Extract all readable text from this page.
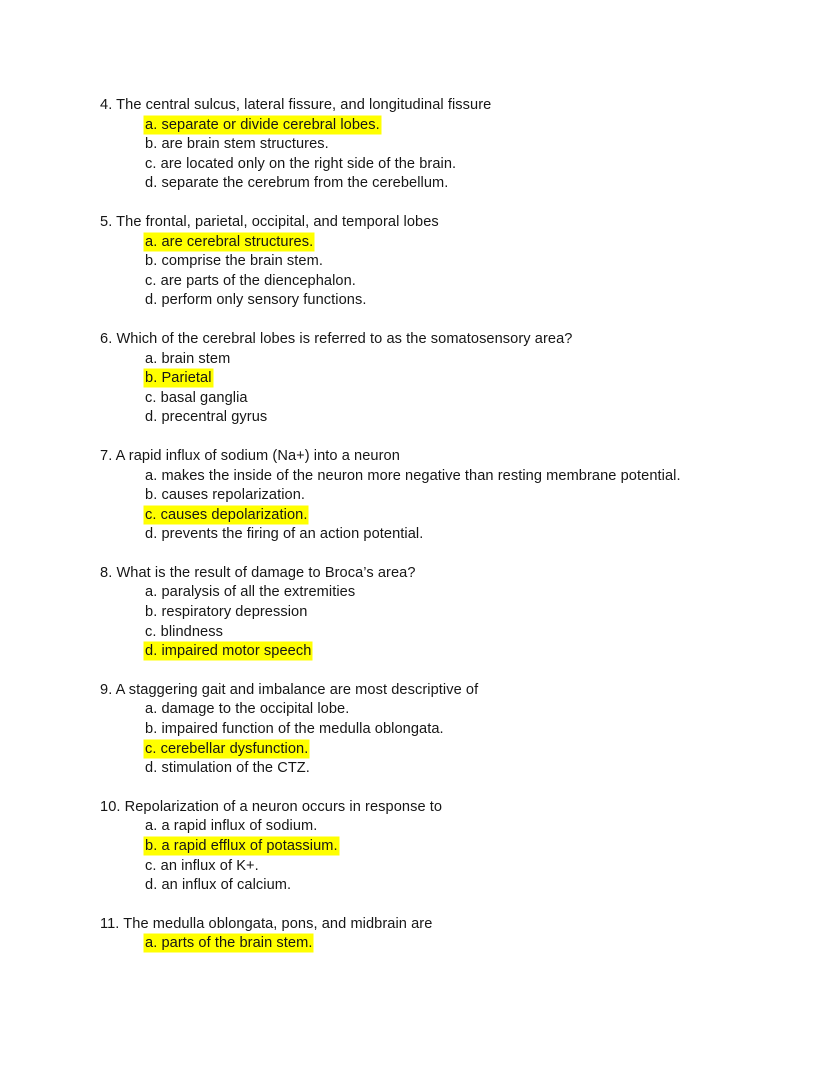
4. The central sulcus, lateral fissure, and longitudinal fissure

a. separate or divide cerebral lobes.
b. are brain stem structures.
c. are located only on the right side of the brain.
d. separate the cerebrum from the cerebellum.

5. The frontal, parietal, occipital, and temporal lobes

a. are cerebral structures.
b. comprise the brain stem.
c. are parts of the diencephalon.
d. perform only sensory functions.

6. Which of the cerebral lobes is referred to as the somatosensory area?

a. brain stem
b. Parietal
c. basal ganglia
d. precentral gyrus

7. A rapid influx of sodium (Na+) into a neuron

a. makes the inside of the neuron more negative than resting membrane potential.
b. causes repolarization.
c. causes depolarization.
d. prevents the firing of an action potential.

8. What is the result of damage to Broca’s area?

a. paralysis of all the extremities
b. respiratory depression
c. blindness
d. impaired motor speech

9. A staggering gait and imbalance are most descriptive of

a. damage to the occipital lobe.
b. impaired function of the medulla oblongata.
c. cerebellar dysfunction.
d. stimulation of the CTZ.

10. Repolarization of a neuron occurs in response to

a. a rapid influx of sodium.
b. a rapid efflux of potassium.
c. an influx of K+.
d. an influx of calcium.

11. The medulla oblongata, pons, and midbrain are

a. parts of the brain stem.
